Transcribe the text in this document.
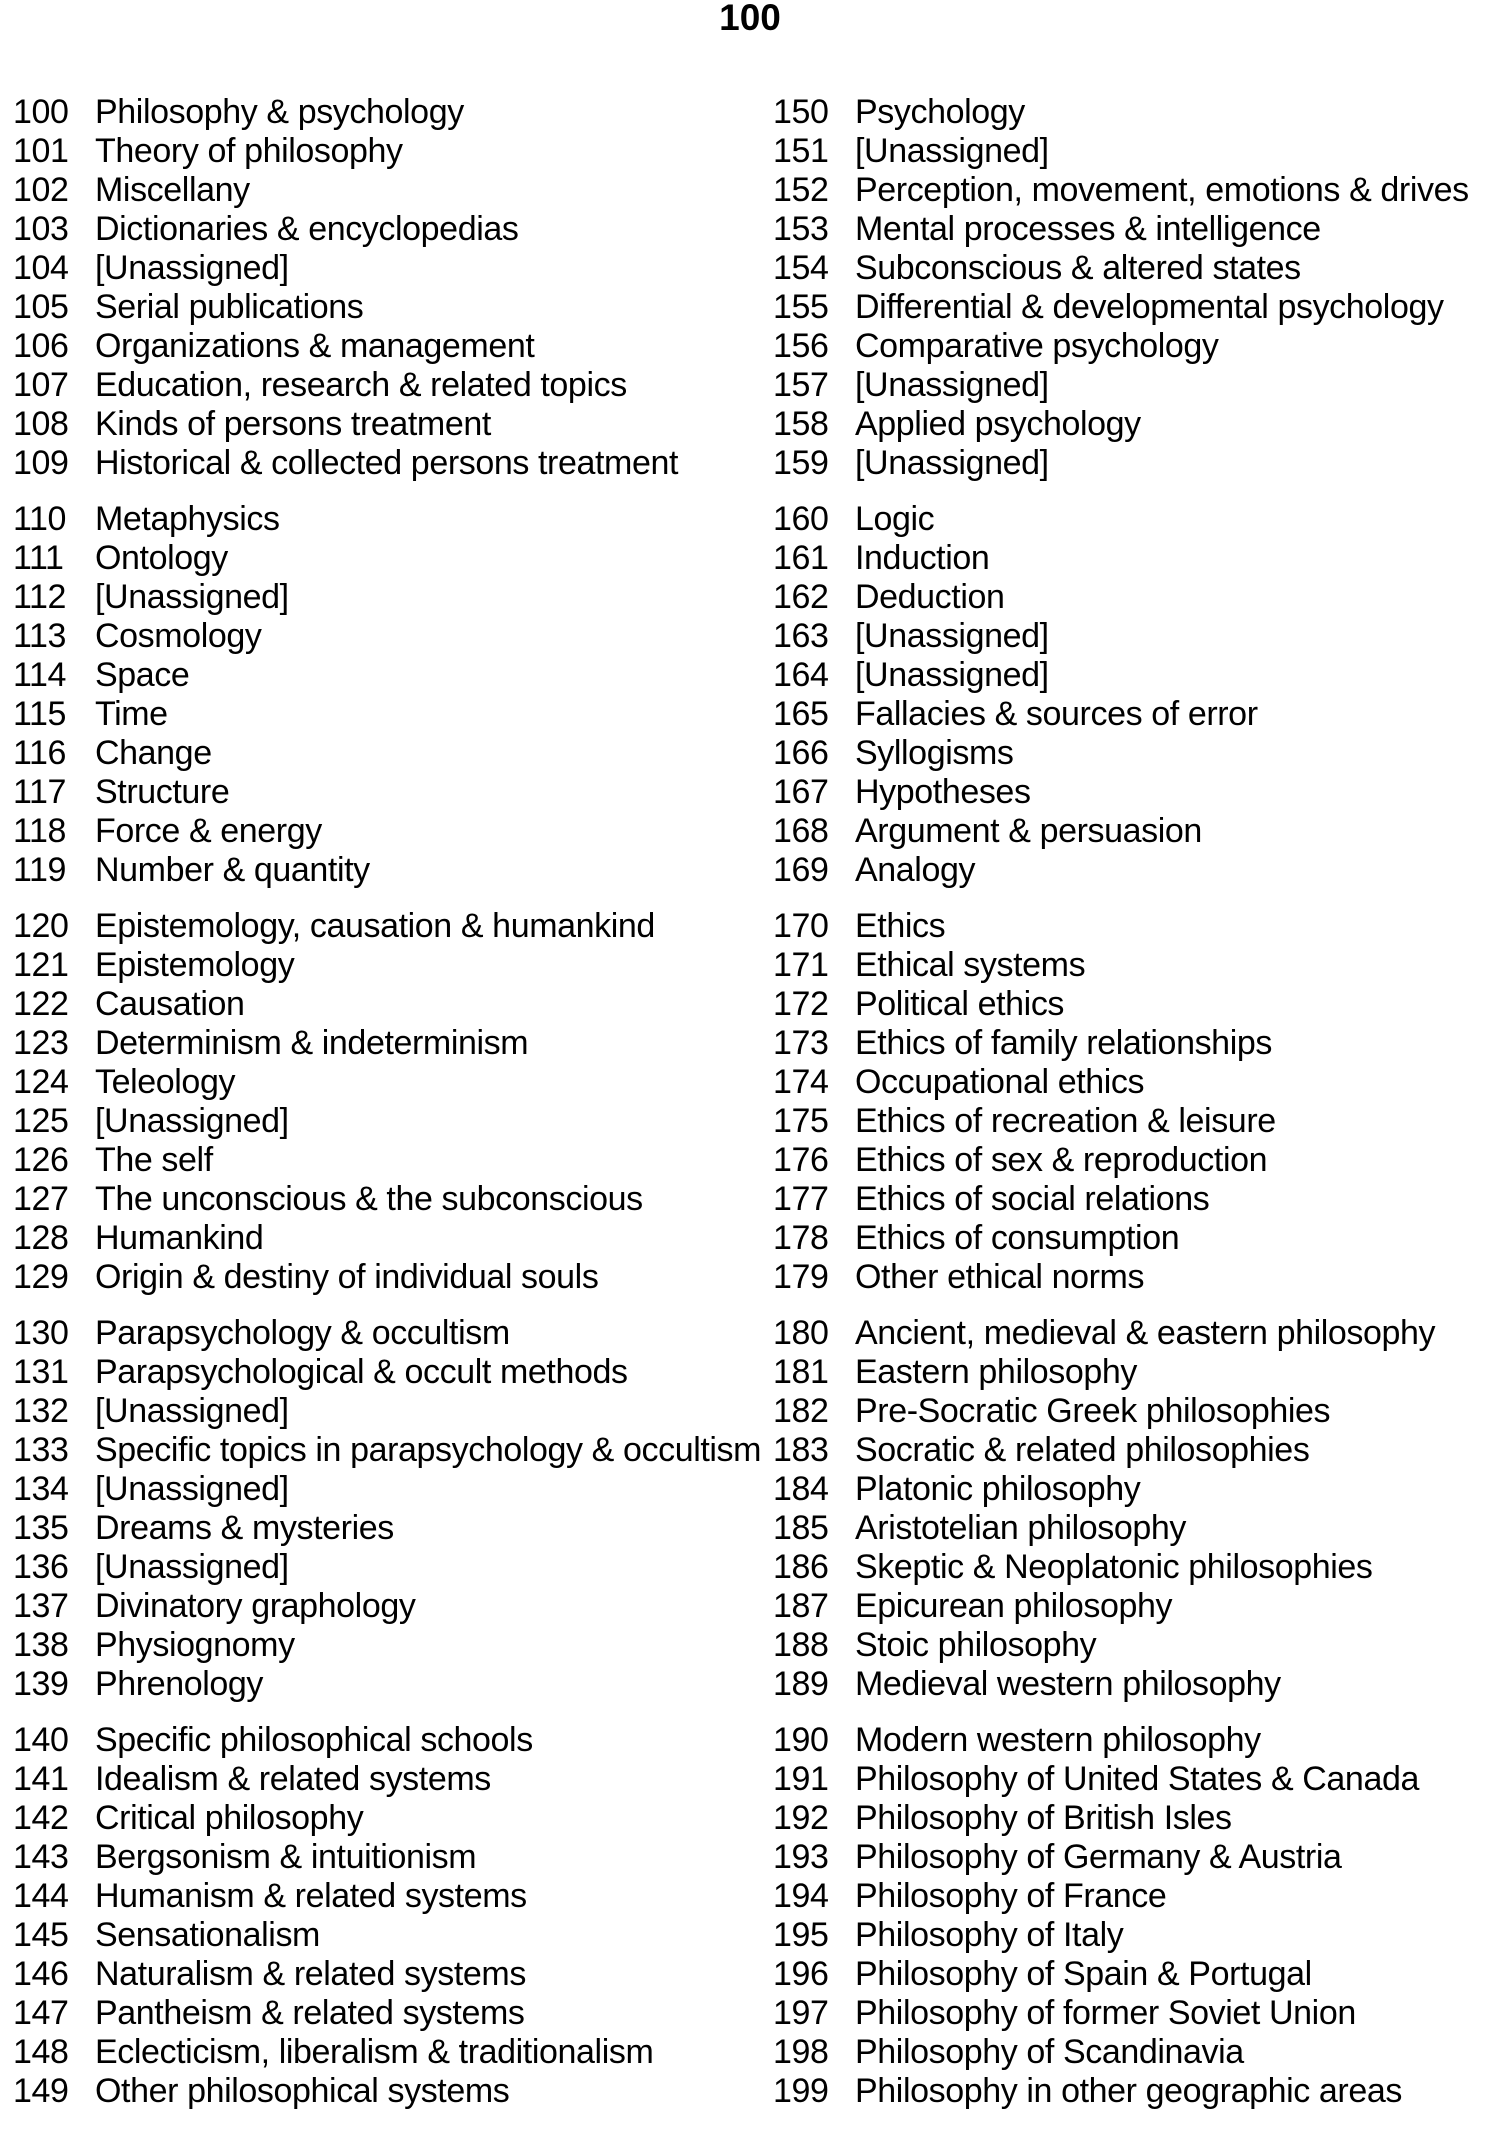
100
100 Philosophy & psychology
101 Theory of philosophy
102 Miscellany
103 Dictionaries & encyclopedias
104 [Unassigned]
105 Serial publications
106 Organizations & management
107 Education, research & related topics
108 Kinds of persons treatment
109 Historical & collected persons treatment
110 Metaphysics
111 Ontology
112 [Unassigned]
113 Cosmology
114 Space
115 Time
116 Change
117 Structure
118 Force & energy
119 Number & quantity
120 Epistemology, causation & humankind
121 Epistemology
122 Causation
123 Determinism & indeterminism
124 Teleology
125 [Unassigned]
126 The self
127 The unconscious & the subconscious
128 Humankind
129 Origin & destiny of individual souls
130 Parapsychology & occultism
131 Parapsychological & occult methods
132 [Unassigned]
133 Specific topics in parapsychology & occultism
134 [Unassigned]
135 Dreams & mysteries
136 [Unassigned]
137 Divinatory graphology
138 Physiognomy
139 Phrenology
140 Specific philosophical schools
141 Idealism & related systems
142 Critical philosophy
143 Bergsonism & intuitionism
144 Humanism & related systems
145 Sensationalism
146 Naturalism & related systems
147 Pantheism & related systems
148 Eclecticism, liberalism & traditionalism
149 Other philosophical systems
150 Psychology
151 [Unassigned]
152 Perception, movement, emotions & drives
153 Mental processes & intelligence
154 Subconscious & altered states
155 Differential & developmental psychology
156 Comparative psychology
157 [Unassigned]
158 Applied psychology
159 [Unassigned]
160 Logic
161 Induction
162 Deduction
163 [Unassigned]
164 [Unassigned]
165 Fallacies & sources of error
166 Syllogisms
167 Hypotheses
168 Argument & persuasion
169 Analogy
170 Ethics
171 Ethical systems
172 Political ethics
173 Ethics of family relationships
174 Occupational ethics
175 Ethics of recreation & leisure
176 Ethics of sex & reproduction
177 Ethics of social relations
178 Ethics of consumption
179 Other ethical norms
180 Ancient, medieval & eastern philosophy
181 Eastern philosophy
182 Pre-Socratic Greek philosophies
183 Socratic & related philosophies
184 Platonic philosophy
185 Aristotelian philosophy
186 Skeptic & Neoplatonic philosophies
187 Epicurean philosophy
188 Stoic philosophy
189 Medieval western philosophy
190 Modern western philosophy
191 Philosophy of United States & Canada
192 Philosophy of British Isles
193 Philosophy of Germany & Austria
194 Philosophy of France
195 Philosophy of Italy
196 Philosophy of Spain & Portugal
197 Philosophy of former Soviet Union
198 Philosophy of Scandinavia
199 Philosophy in other geographic areas
